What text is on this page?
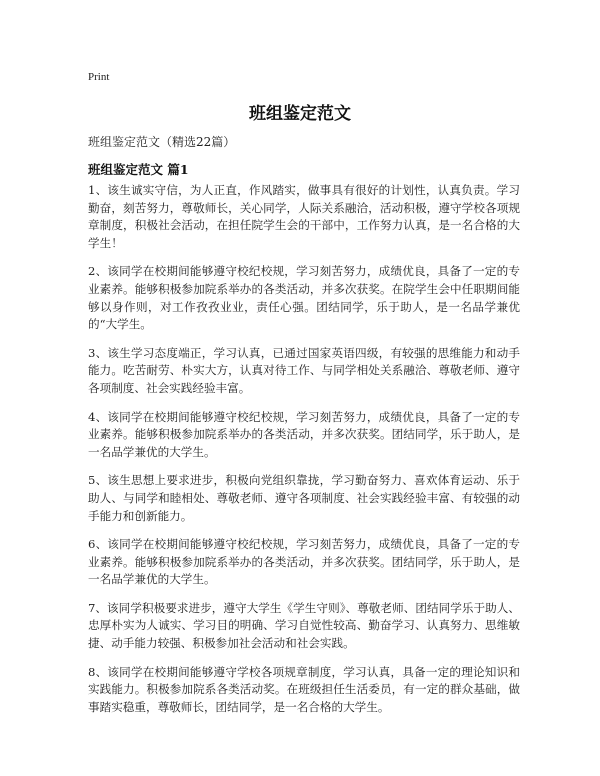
Print
班组鉴定范文
班组鉴定范文（精选22篇）
班组鉴定范文 篇1

1、该生诚实守信，为人正直，作风踏实，做事具有很好的计划性，认真负责。学习勤奋，刻苦努力，尊敬师长，关心同学，人际关系融洽，活动积极，遵守学校各项规章制度，积极社会活动，在担任院学生会的干部中，工作努力认真，是一名合格的大学生！

2、该同学在校期间能够遵守校纪校规，学习刻苦努力，成绩优良，具备了一定的专业素养。能够积极参加院系举办的各类活动，并多次获奖。在院学生会中任职期间能够以身作则，对工作孜孜业业，责任心强。团结同学，乐于助人，是一名品学兼优的“大学生。

3、该生学习态度端正，学习认真，已通过国家英语四级，有较强的思维能力和动手能力。吃苦耐劳、朴实大方，认真对待工作、与同学相处关系融洽、尊敬老师、遵守各项制度、社会实践经验丰富。

4、该同学在校期间能够遵守校纪校规，学习刻苦努力，成绩优良，具备了一定的专业素养。能够积极参加院系举办的各类活动，并多次获奖。团结同学，乐于助人，是一名品学兼优的大学生。

5、该生思想上要求进步，积极向党组织靠拢，学习勤奋努力、喜欢体育运动、乐于助人、与同学和睦相处、尊敬老师、遵守各项制度、社会实践经验丰富、有较强的动手能力和创新能力。

6、该同学在校期间能够遵守校纪校规，学习刻苦努力，成绩优良，具备了一定的专业素养。能够积极参加院系举办的各类活动，并多次获奖。团结同学，乐于助人，是一名品学兼优的大学生。

7、该同学积极要求进步，遵守大学生《学生守则》、尊敬老师、团结同学乐于助人、忠厚朴实为人诚实、学习目的明确、学习自觉性较高、勤奋学习、认真努力、思维敏捷、动手能力较强、积极参加社会活动和社会实践。

8、该同学在校期间能够遵守学校各项规章制度，学习认真，具备一定的理论知识和实践能力。积极参加院系各类活动奖。在班级担任生活委员，有一定的群众基础，做事踏实稳重，尊敬师长，团结同学，是一名合格的大学生。
